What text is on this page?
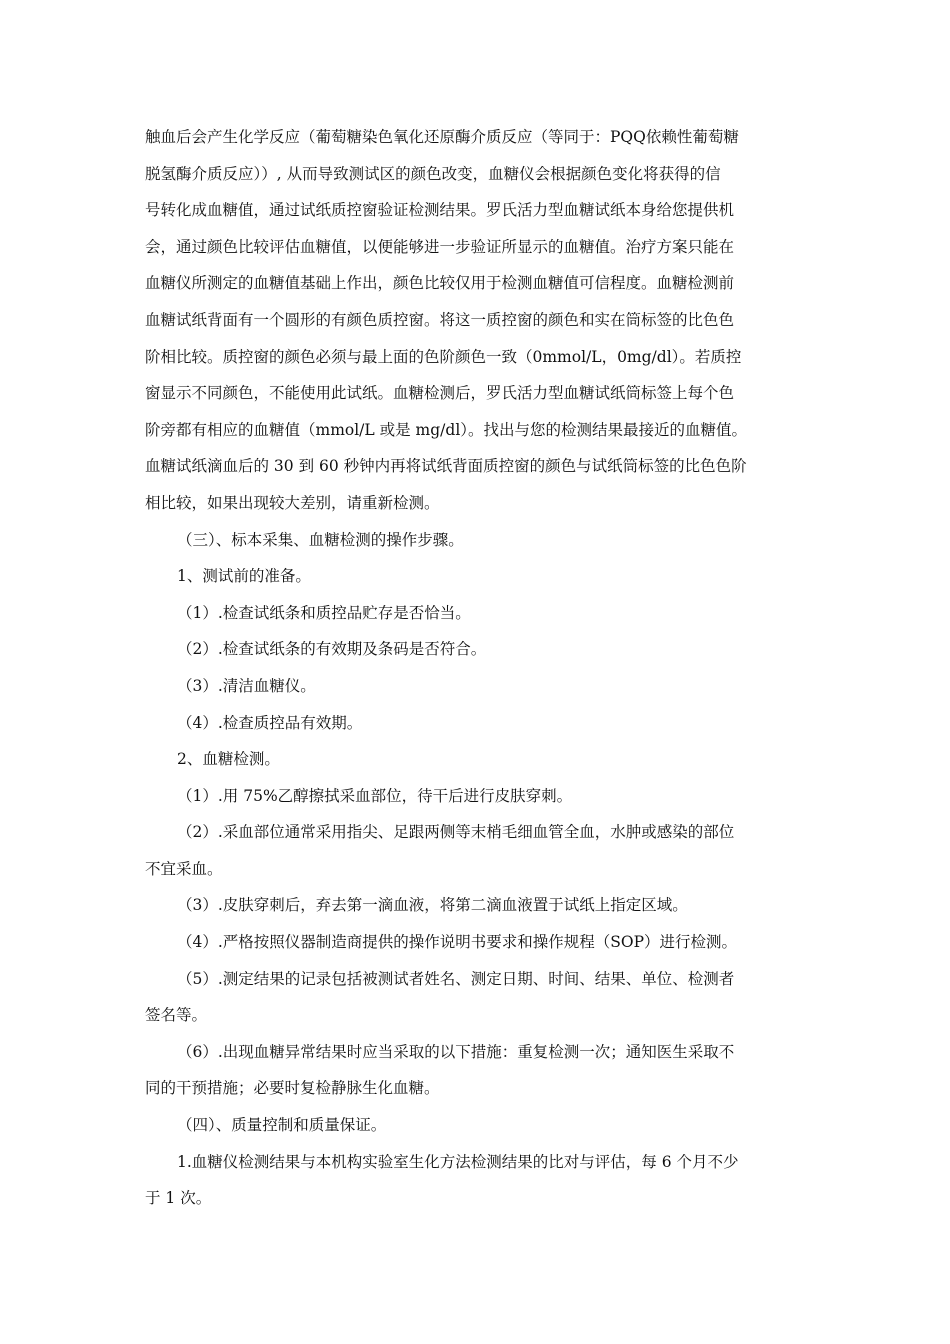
触血后会产生化学反应（葡萄糖染色氧化还原酶介质反应（等同于：PQQ依赖性葡萄糖
脱氢酶介质反应））, 从而导致测试区的颜色改变，血糖仪会根据颜色变化将获得的信
号转化成血糖值，通过试纸质控窗验证检测结果。罗氏活力型血糖试纸本身给您提供机
会，通过颜色比较评估血糖值，以便能够进一步验证所显示的血糖值。治疗方案只能在
血糖仪所测定的血糖值基础上作出，颜色比较仅用于检测血糖值可信程度。血糖检测前
血糖试纸背面有一个圆形的有颜色质控窗。将这一质控窗的颜色和实在筒标签的比色色
阶相比较。质控窗的颜色必须与最上面的色阶颜色一致（0mmol/L，0mg/dl）。若质控
窗显示不同颜色，不能使用此试纸。血糖检测后，罗氏活力型血糖试纸筒标签上每个色
阶旁都有相应的血糖值（mmol/L 或是 mg/dl）。找出与您的检测结果最接近的血糖值。
血糖试纸滴血后的 30 到 60 秒钟内再将试纸背面质控窗的颜色与试纸筒标签的比色色阶
相比较，如果出现较大差别，请重新检测。
（三）、标本采集、血糖检测的操作步骤。
1、测试前的准备。
（1）.检查试纸条和质控品贮存是否恰当。
（2）.检查试纸条的有效期及条码是否符合。
（3）.清洁血糖仪。
（4）.检查质控品有效期。
2、血糖检测。
（1）.用 75%乙醇擦拭采血部位，待干后进行皮肤穿刺。
（2）.采血部位通常采用指尖、足跟两侧等末梢毛细血管全血，水肿或感染的部位
不宜采血。
（3）.皮肤穿刺后，弃去第一滴血液，将第二滴血液置于试纸上指定区域。
（4）.严格按照仪器制造商提供的操作说明书要求和操作规程（SOP）进行检测。
（5）.测定结果的记录包括被测试者姓名、测定日期、时间、结果、单位、检测者
签名等。
（6）.出现血糖异常结果时应当采取的以下措施：重复检测一次；通知医生采取不
同的干预措施；必要时复检静脉生化血糖。
（四）、质量控制和质量保证。
1.血糖仪检测结果与本机构实验室生化方法检测结果的比对与评估，每 6 个月不少
于 1 次。
